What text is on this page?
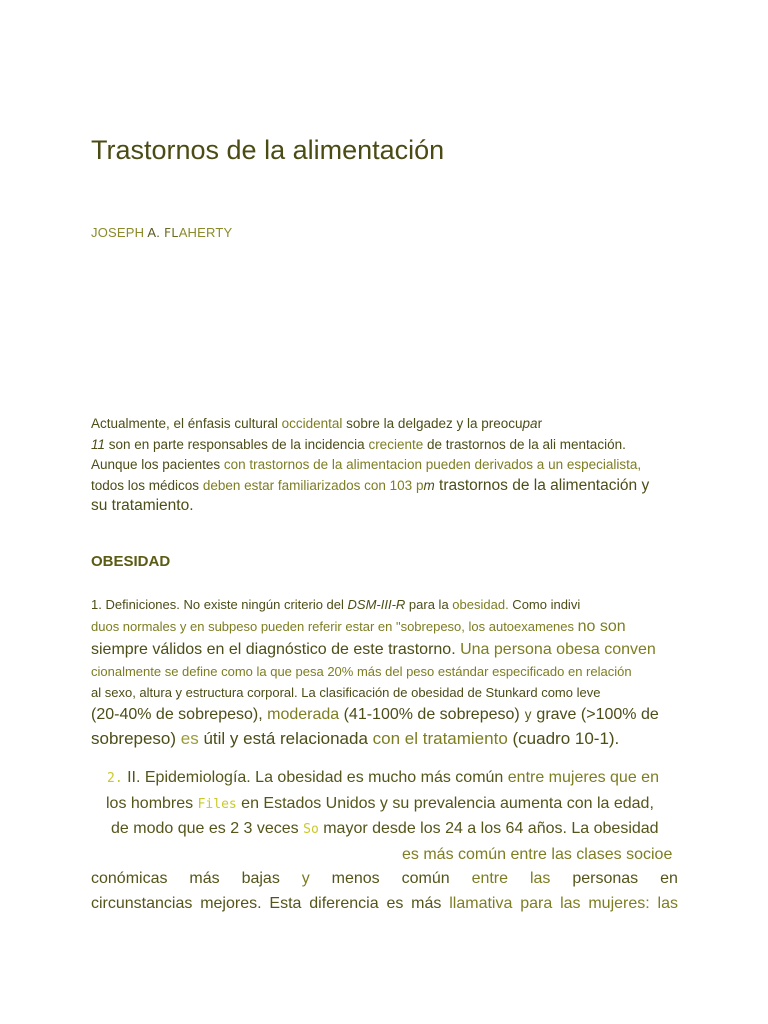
Trastornos de la alimentación
JOSEPH A. FLAHERTY
Actualmente, el énfasis cultural occidental sobre la delgadez y la preocupar
11 son en parte responsables de la incidencia creciente de trastornos de la ali mentación.
Aunque los pacientes con trastornos de la alimentacion pueden derivados a un especialista,
todos los médicos deben estar familiarizados con 103 pm trastornos de la alimentación y
su tratamiento.
OBESIDAD
1. Definiciones. No existe ningún criterio del DSM-III-R para la obesidad. Como indivi
duos normales y en subpeso pueden referir estar en "sobrepeso, los autoexamenes no son
siempre válidos en el diagnóstico de este trastorno. Una persona obesa conven
cionalmente se define como la que pesa 20% más del peso estándar especificado en relación
al sexo, altura y estructura corporal. La clasificación de obesidad de Stunkard como leve
(20-40% de sobrepeso), moderada (41-100% de sobrepeso) y grave (>100% de
sobrepeso) es útil y está relacionada con el tratamiento (cuadro 10-1).
2. II. Epidemiología. La obesidad es mucho más común entre mujeres que en
los hombres Files en Estados Unidos y su prevalencia aumenta con la edad,
de modo que es 2 3 veces So mayor desde los 24 a los 64 años. La obesidad
es más común entre las clases socioe
conómicas más bajas y menos común entre las personas en
circunstancias mejores. Esta diferencia es más llamativa para las mujeres: las
